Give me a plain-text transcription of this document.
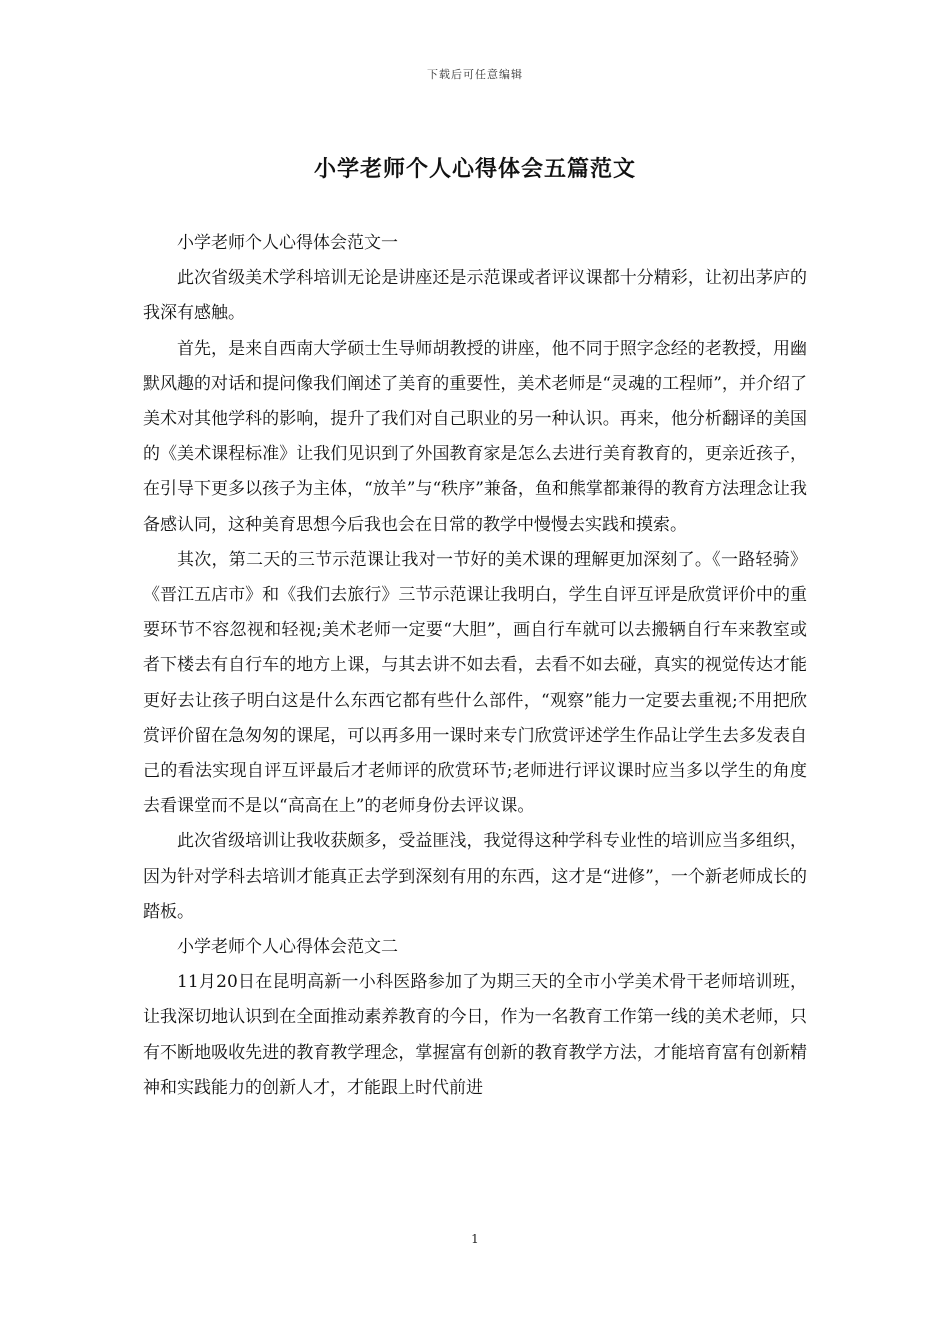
下载后可任意编辑
小学老师个人心得体会五篇范文

小学老师个人心得体会范文一

此次省级美术学科培训无论是讲座还是示范课或者评议课都十分精彩，让初出茅庐的我深有感触。

首先，是来自西南大学硕士生导师胡教授的讲座，他不同于照字念经的老教授，用幽默风趣的对话和提问像我们阐述了美育的重要性，美术老师是“灵魂的工程师”，并介绍了美术对其他学科的影响，提升了我们对自己职业的另一种认识。再来，他分析翻译的美国的《美术课程标准》让我们见识到了外国教育家是怎么去进行美育教育的，更亲近孩子，在引导下更多以孩子为主体，“放羊”与“秩序”兼备，鱼和熊掌都兼得的教育方法理念让我备感认同，这种美育思想今后我也会在日常的教学中慢慢去实践和摸索。

其次，第二天的三节示范课让我对一节好的美术课的理解更加深刻了。《一路轻骑》《晋江五店市》和《我们去旅行》三节示范课让我明白，学生自评互评是欣赏评价中的重要环节不容忽视和轻视;美术老师一定要“大胆”，画自行车就可以去搬辆自行车来教室或者下楼去有自行车的地方上课，与其去讲不如去看，去看不如去碰，真实的视觉传达才能更好去让孩子明白这是什么东西它都有些什么部件，“观察”能力一定要去重视;不用把欣赏评价留在急匆匆的课尾，可以再多用一课时来专门欣赏评述学生作品让学生去多发表自己的看法实现自评互评最后才老师评的欣赏环节;老师进行评议课时应当多以学生的角度去看课堂而不是以“高高在上”的老师身份去评议课。

此次省级培训让我收获颇多，受益匪浅，我觉得这种学科专业性的培训应当多组织，因为针对学科去培训才能真正去学到深刻有用的东西，这才是“进修”，一个新老师成长的踏板。

小学老师个人心得体会范文二

11月20日在昆明高新一小科医路参加了为期三天的全市小学美术骨干老师培训班，让我深切地认识到在全面推动素养教育的今日，作为一名教育工作第一线的美术老师，只有不断地吸收先进的教育教学理念，掌握富有创新的教育教学方法，才能培育富有创新精神和实践能力的创新人才，才能跟上时代前进

1
